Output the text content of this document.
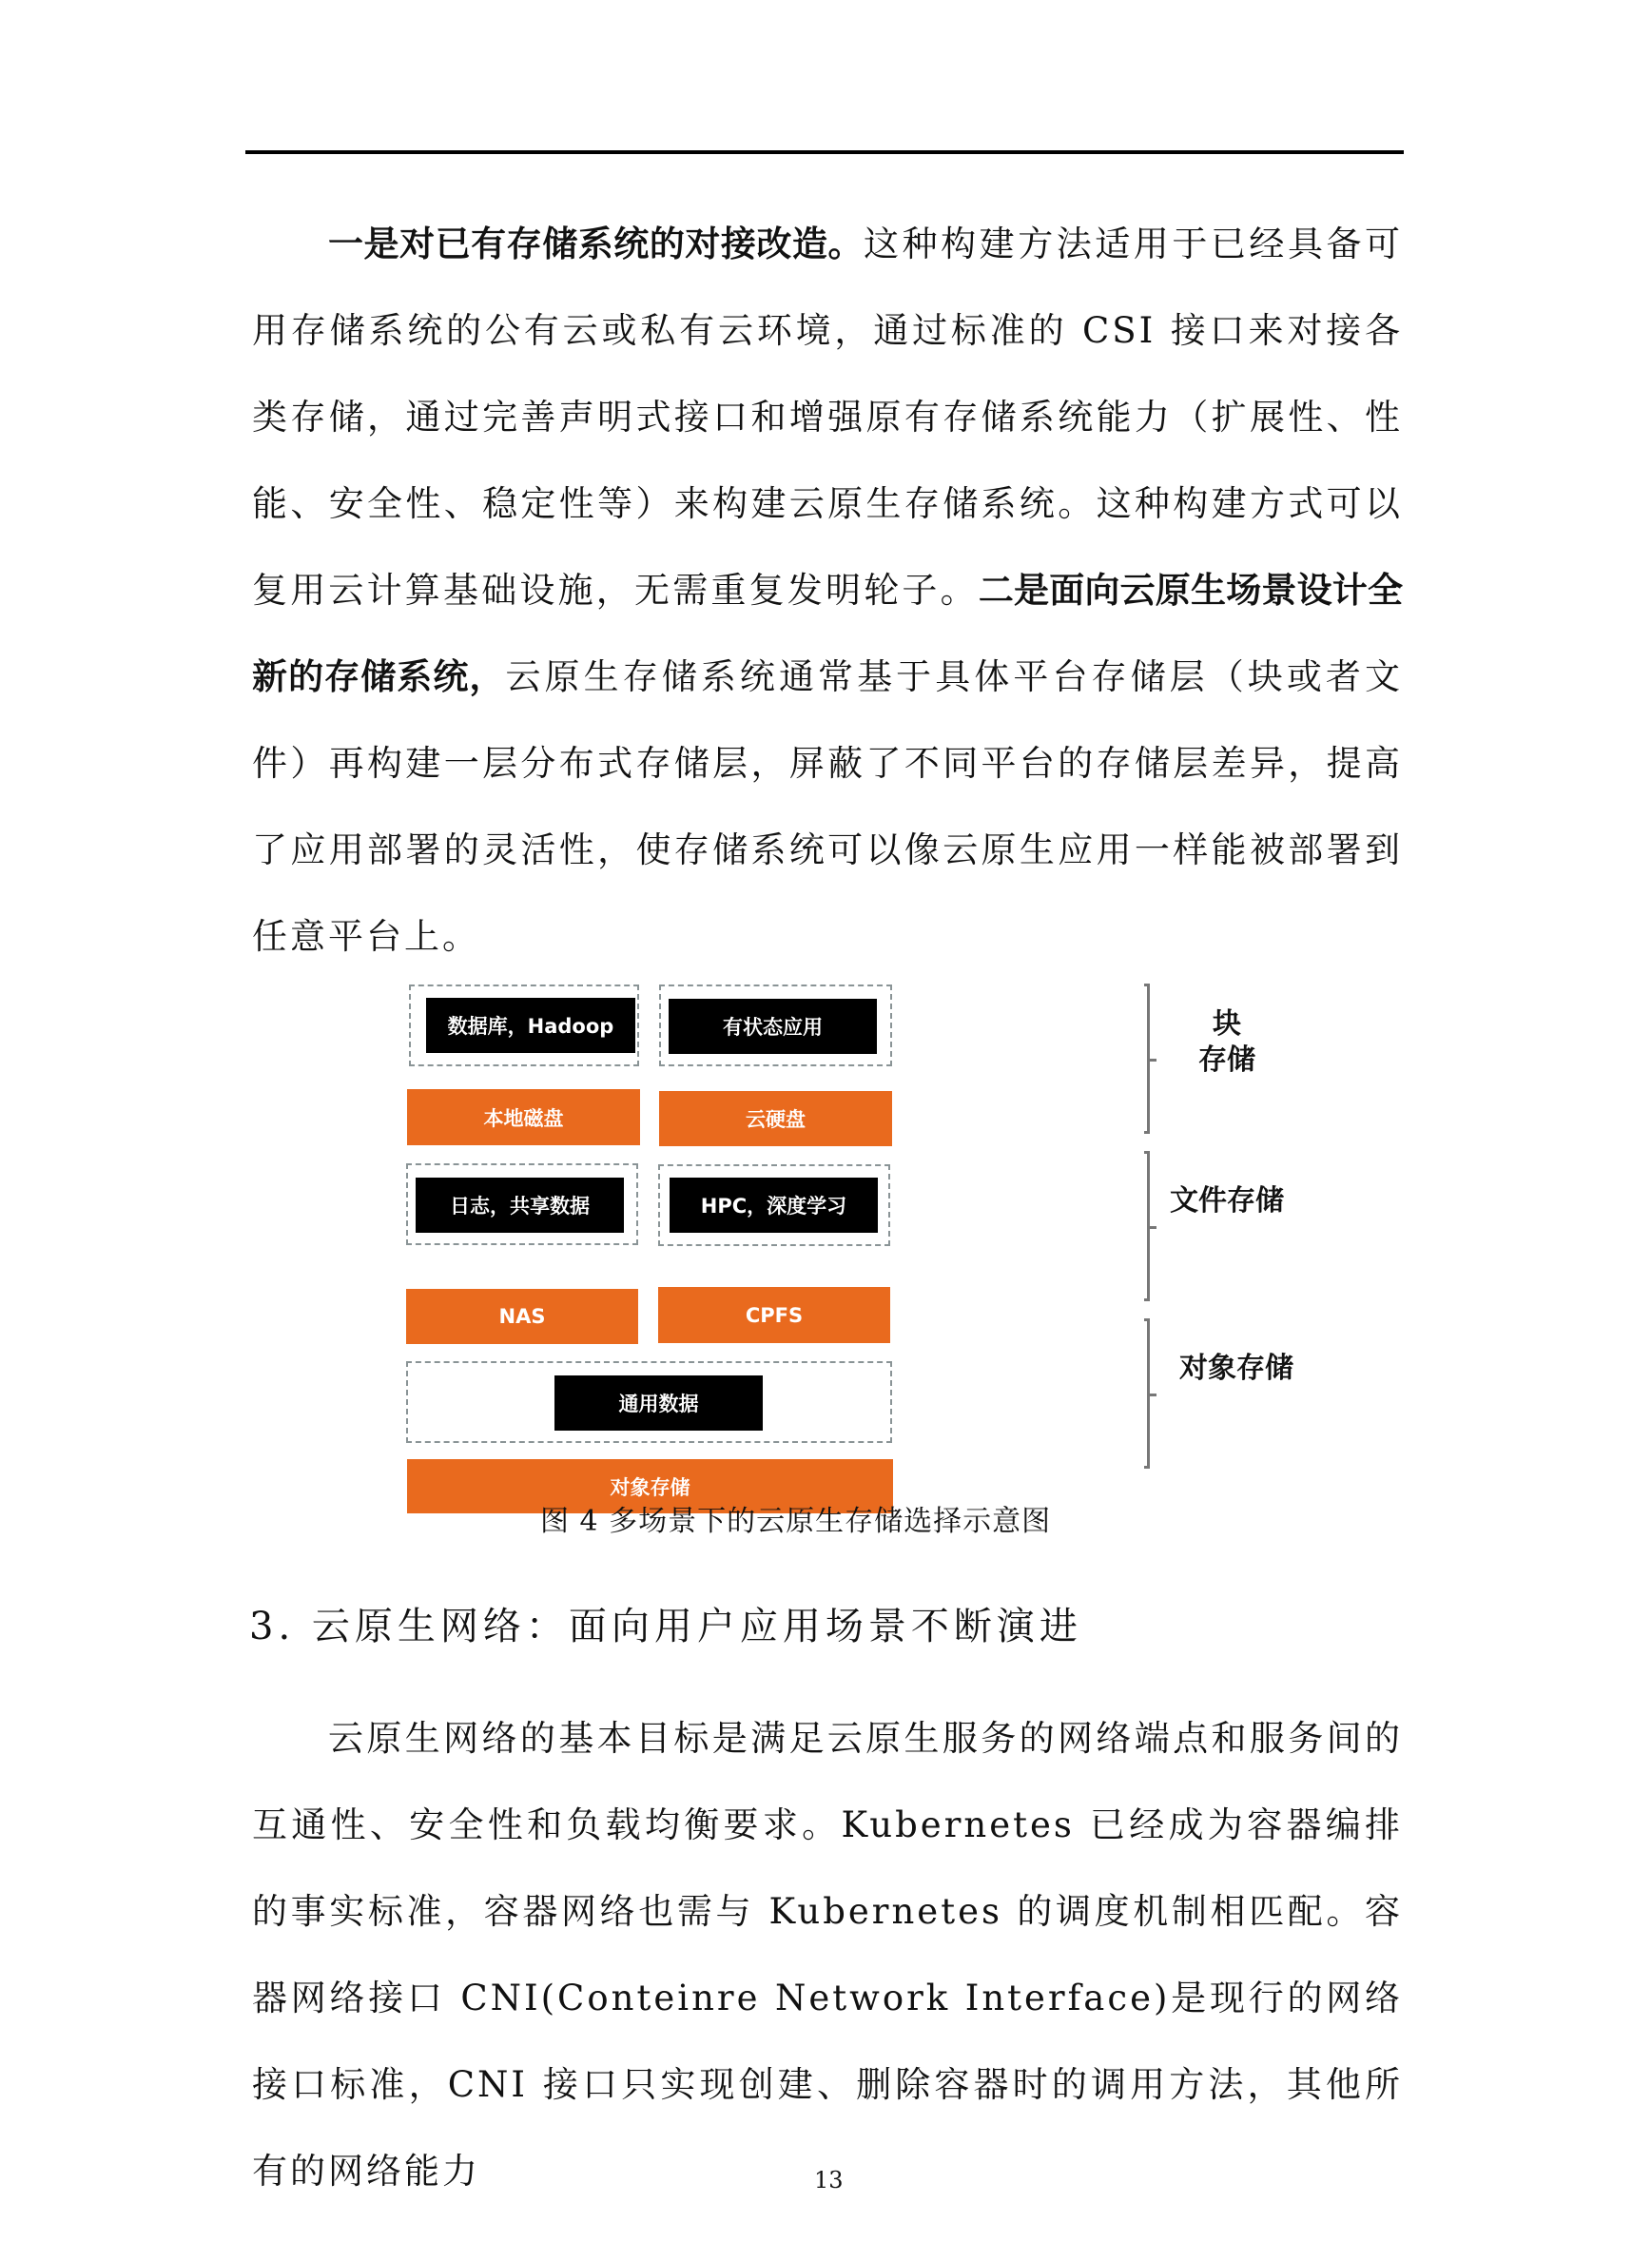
一是对已有存储系统的对接改造。这种构建方法适用于已经具备可用存储系统的公有云或私有云环境，通过标准的 CSI 接口来对接各类存储，通过完善声明式接口和增强原有存储系统能力（扩展性、性能、安全性、稳定性等）来构建云原生存储系统。这种构建方式可以复用云计算基础设施，无需重复发明轮子。二是面向云原生场景设计全新的存储系统，云原生存储系统通常基于具体平台存储层（块或者文件）再构建一层分布式存储层，屏蔽了不同平台的存储层差异，提高了应用部署的灵活性，使存储系统可以像云原生应用一样能被部署到任意平台上。

数据库，Hadoop	有状态应用
本地磁盘	云硬盘
日志，共享数据	HPC，深度学习
NAS	CPFS
通用数据
对象存储
块
存储
文件存储
对象存储
图 4 多场景下的云原生存储选择示意图
3. 云原生网络：面向用户应用场景不断演进

云原生网络的基本目标是满足云原生服务的网络端点和服务间的互通性、安全性和负载均衡要求。Kubernetes 已经成为容器编排的事实标准，容器网络也需与 Kubernetes 的调度机制相匹配。容器网络接口 CNI(Conteinre Network Interface)是现行的网络接口标准，CNI 接口只实现创建、删除容器时的调用方法，其他所有的网络能力	13
